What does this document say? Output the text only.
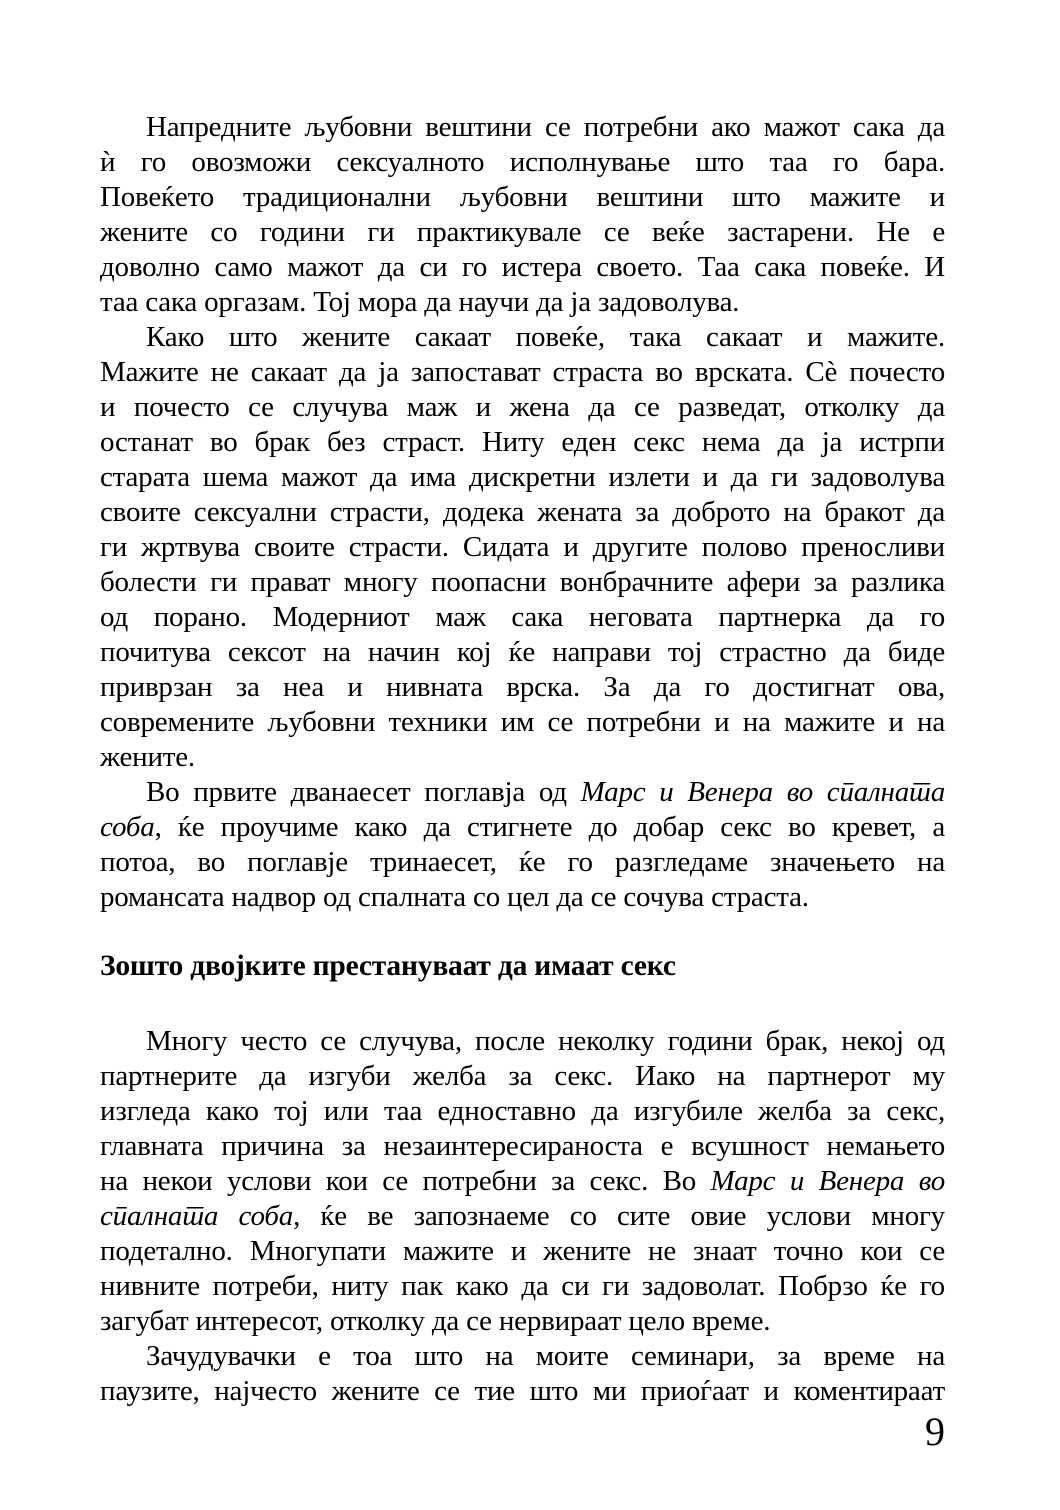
Напредните љубовни вештини се потребни ако мажот сака да
ѝ го овозможи сексуалното исполнување што таа го бара.
Повеќето традиционални љубовни вештини што мажите и
жените со години ги практикувале се веќе застарени. Не е
доволно само мажот да си го истера своето. Таа сака повеќе. И
таа сака оргазам. Тој мора да научи да ја задоволува.
Како што жените сакаат повеќе, така сакаат и мажите.
Мажите не сакаат да ја запостават страста во врската. Сѐ почесто
и почесто се случува маж и жена да се разведат, отколку да
останат во брак без страст. Ниту еден секс нема да ја истрпи
старата шема мажот да има дискретни излети и да ги задоволува
своите сексуални страсти, додека жената за доброто на бракот да
ги жртвува своите страсти. Сидата и другите полово преносливи
болести ги прават многу поопасни вонбрачните афери за разлика
од порано. Модерниот маж сака неговата партнерка да го
почитува сексот на начин кој ќе направи тој страстно да биде
приврзан за неа и нивната врска. За да го достигнат ова,
современите љубовни техники им се потребни и на мажите и на
жените.
Во првите дванаесет поглавја од Марс и Венера во спалната
соба, ќе проучиме како да стигнете до добар секс во кревет, а
потоа, во поглавје тринаесет, ќе го разгледаме значењето на
романсата надвор од спалната со цел да се сочува страста.
Зошто двојките престануваат да имаат секс
Многу често се случува, после неколку години брак, некој од
партнерите да изгуби желба за секс. Иако на партнерот му
изгледа како тој или таа едноставно да изгубиле желба за секс,
главната причина за незаинтересираноста е всушност немањето
на некои услови кои се потребни за секс. Во Марс и Венера во
спалната соба, ќе ве запознаеме со сите овие услови многу
подетално. Многупати мажите и жените не знаат точно кои се
нивните потреби, ниту пак како да си ги задоволат. Побрзо ќе го
загубат интересот, отколку да се нервираат цело време.
Зачудувачки е тоа што на моите семинари, за време на
паузите, најчесто жените се тие што ми приоѓаат и коментираат
9
